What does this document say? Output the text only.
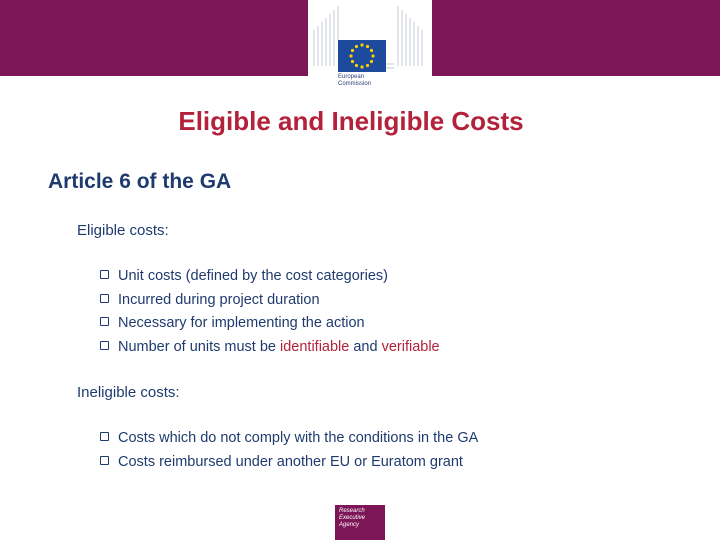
European
Commission
Eligible and Ineligible Costs
Article 6 of the GA

Eligible costs:

Unit costs (defined by the cost categories)
Incurred during project duration
Necessary for implementing the action
Number of units must be identifiable and verifiable

Ineligible costs:

Costs which do not comply with the conditions in the GA
Costs reimbursed under another EU or Euratom grant
Research
Executive
Agency
